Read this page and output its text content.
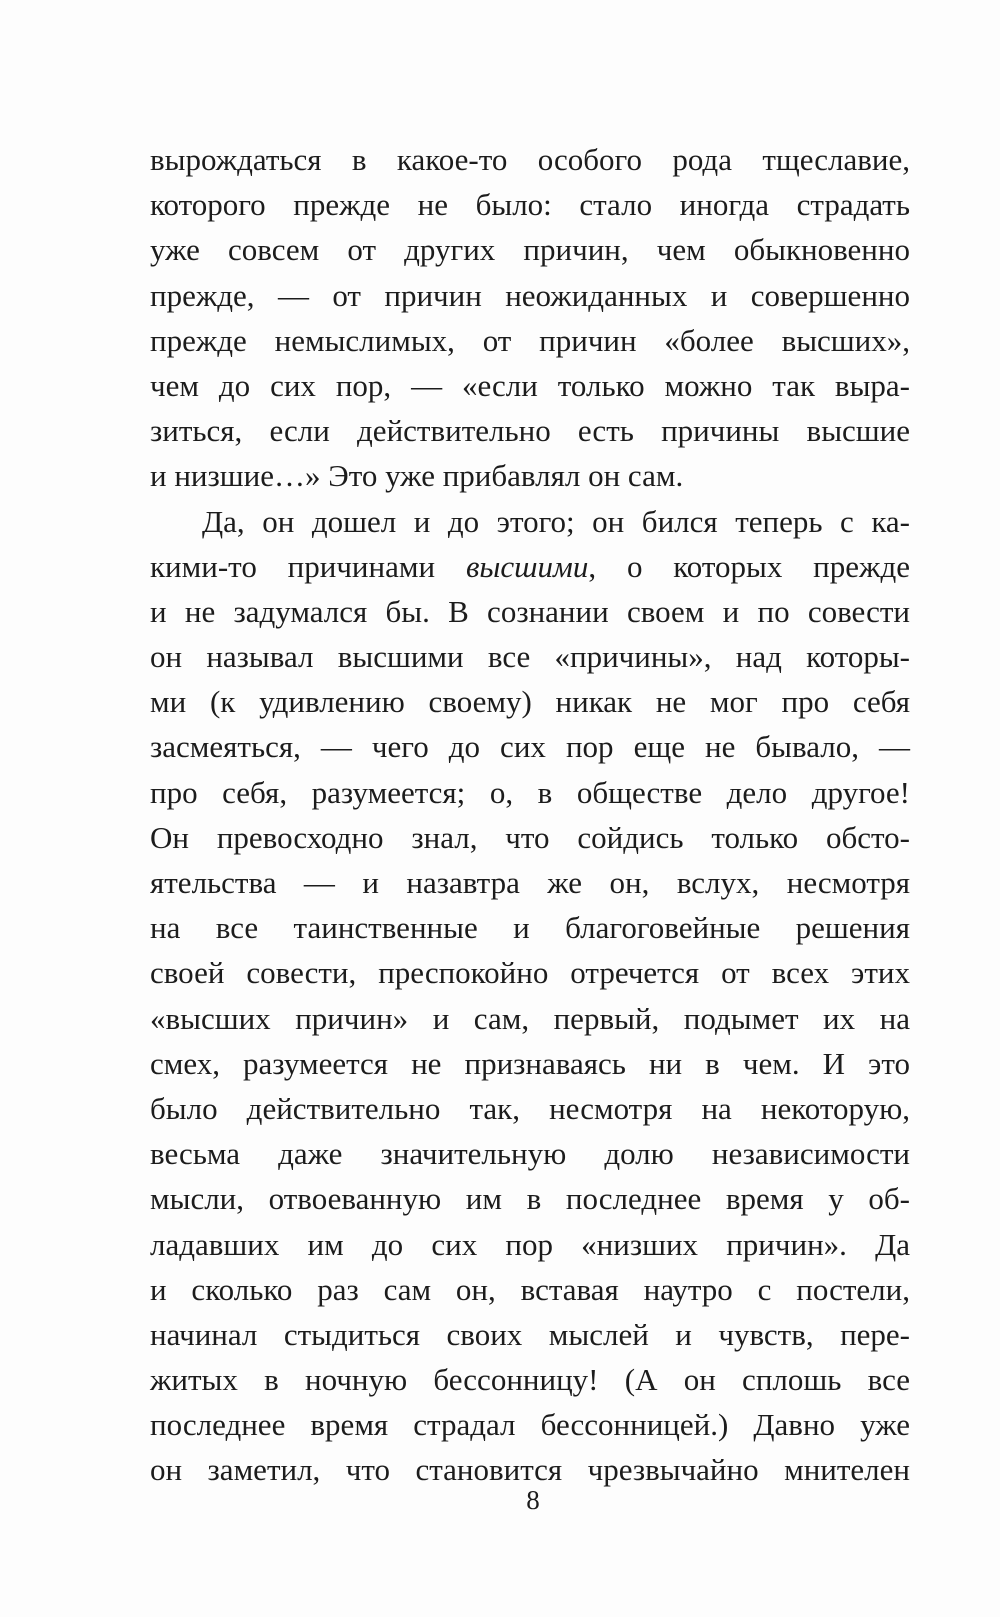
вырождаться в какое-то особого рода тщеславие,
которого прежде не было: стало иногда страдать
уже совсем от других причин, чем обыкновенно
прежде, — от причин неожиданных и совершенно
прежде немыслимых, от причин «более высших»,
чем до сих пор, — «если только можно так выра-
зиться, если действительно есть причины высшие
и низшие…» Это уже прибавлял он сам.
Да, он дошел и до этого; он бился теперь с ка-
кими-то причинами высшими, о которых прежде
и не задумался бы. В сознании своем и по совести
он называл высшими все «причины», над которы-
ми (к удивлению своему) никак не мог про себя
засмеяться, — чего до сих пор еще не бывало, —
про себя, разумеется; о, в обществе дело другое!
Он превосходно знал, что сойдись только обсто-
ятельства — и назавтра же он, вслух, несмотря
на все таинственные и благоговейные решения
своей совести, преспокойно отречется от всех этих
«высших причин» и сам, первый, подымет их на
смех, разумеется не признаваясь ни в чем. И это
было действительно так, несмотря на некоторую,
весьма даже значительную долю независимости
мысли, отвоеванную им в последнее время у об-
ладавших им до сих пор «низших причин». Да
и сколько раз сам он, вставая наутро с постели,
начинал стыдиться своих мыслей и чувств, пере-
житых в ночную бессонницу! (А он сплошь все
последнее время страдал бессонницей.) Давно уже
он заметил, что становится чрезвычайно мнителен
8
